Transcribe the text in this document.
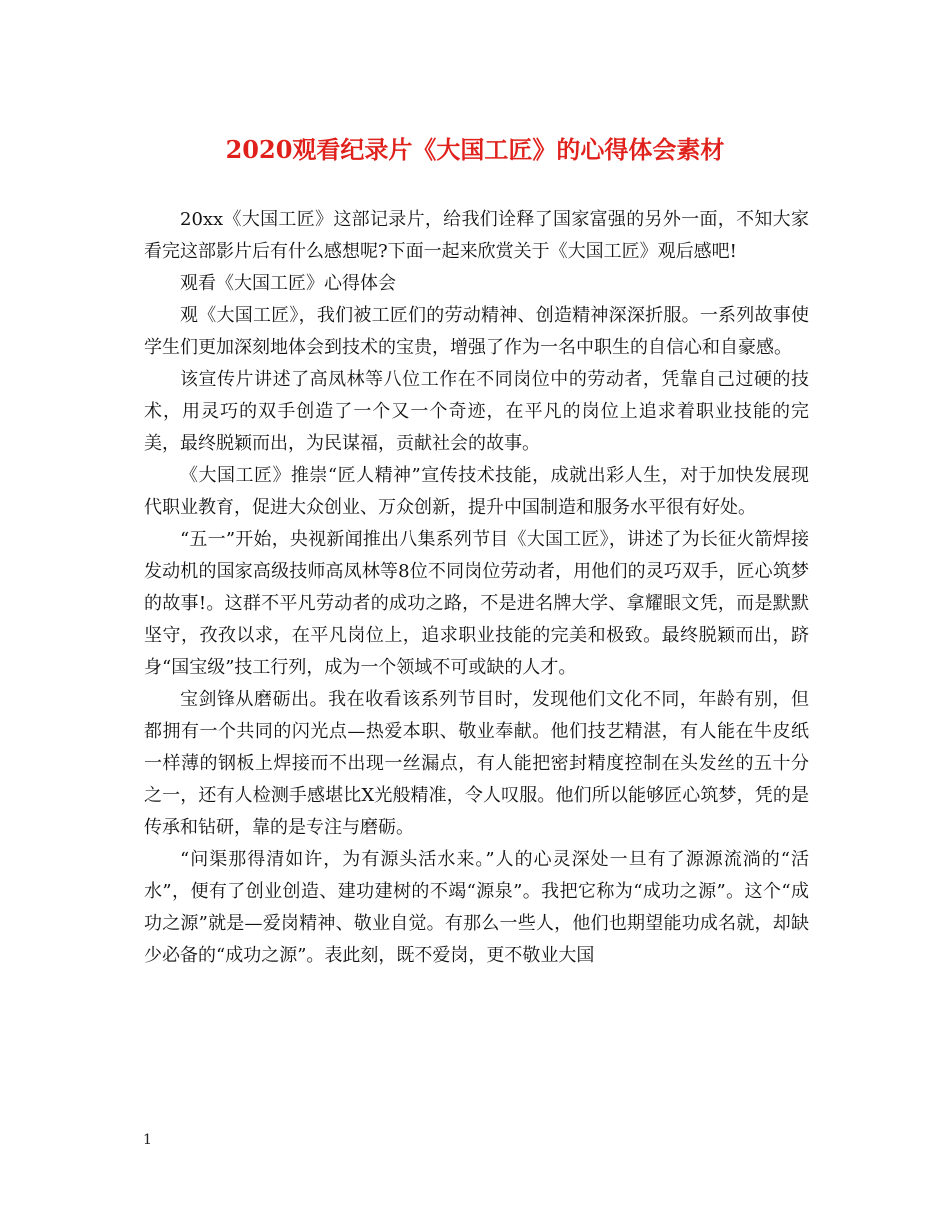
2020观看纪录片《大国工匠》的心得体会素材

20xx《大国工匠》这部记录片，给我们诠释了国家富强的另外一面，不知大家看完这部影片后有什么感想呢?下面一起来欣赏关于《大国工匠》观后感吧!

观看《大国工匠》心得体会

观《大国工匠》，我们被工匠们的劳动精神、创造精神深深折服。一系列故事使学生们更加深刻地体会到技术的宝贵，增强了作为一名中职生的自信心和自豪感。

该宣传片讲述了高凤林等八位工作在不同岗位中的劳动者，凭靠自己过硬的技术，用灵巧的双手创造了一个又一个奇迹，在平凡的岗位上追求着职业技能的完美，最终脱颖而出，为民谋福，贡献社会的故事。

《大国工匠》推崇“匠人精神”宣传技术技能，成就出彩人生，对于加快发展现代职业教育，促进大众创业、万众创新，提升中国制造和服务水平很有好处。

“五一”开始，央视新闻推出八集系列节目《大国工匠》，讲述了为长征火箭焊接发动机的国家高级技师高凤林等8位不同岗位劳动者，用他们的灵巧双手，匠心筑梦的故事!。这群不平凡劳动者的成功之路，不是进名牌大学、拿耀眼文凭，而是默默坚守，孜孜以求，在平凡岗位上，追求职业技能的完美和极致。最终脱颖而出，跻身“国宝级”技工行列，成为一个领域不可或缺的人才。

宝剑锋从磨砺出。我在收看该系列节目时，发现他们文化不同，年龄有别，但都拥有一个共同的闪光点—热爱本职、敬业奉献。他们技艺精湛，有人能在牛皮纸一样薄的钢板上焊接而不出现一丝漏点，有人能把密封精度控制在头发丝的五十分之一，还有人检测手感堪比X光般精准，令人叹服。他们所以能够匠心筑梦，凭的是传承和钻研，靠的是专注与磨砺。

“问渠那得清如许，为有源头活水来。”人的心灵深处一旦有了源源流淌的“活水”，便有了创业创造、建功建树的不竭“源泉”。我把它称为“成功之源”。这个“成功之源”就是—爱岗精神、敬业自觉。有那么一些人，他们也期望能功成名就，却缺少必备的“成功之源”。表此刻，既不爱岗，更不敬业大国

1
